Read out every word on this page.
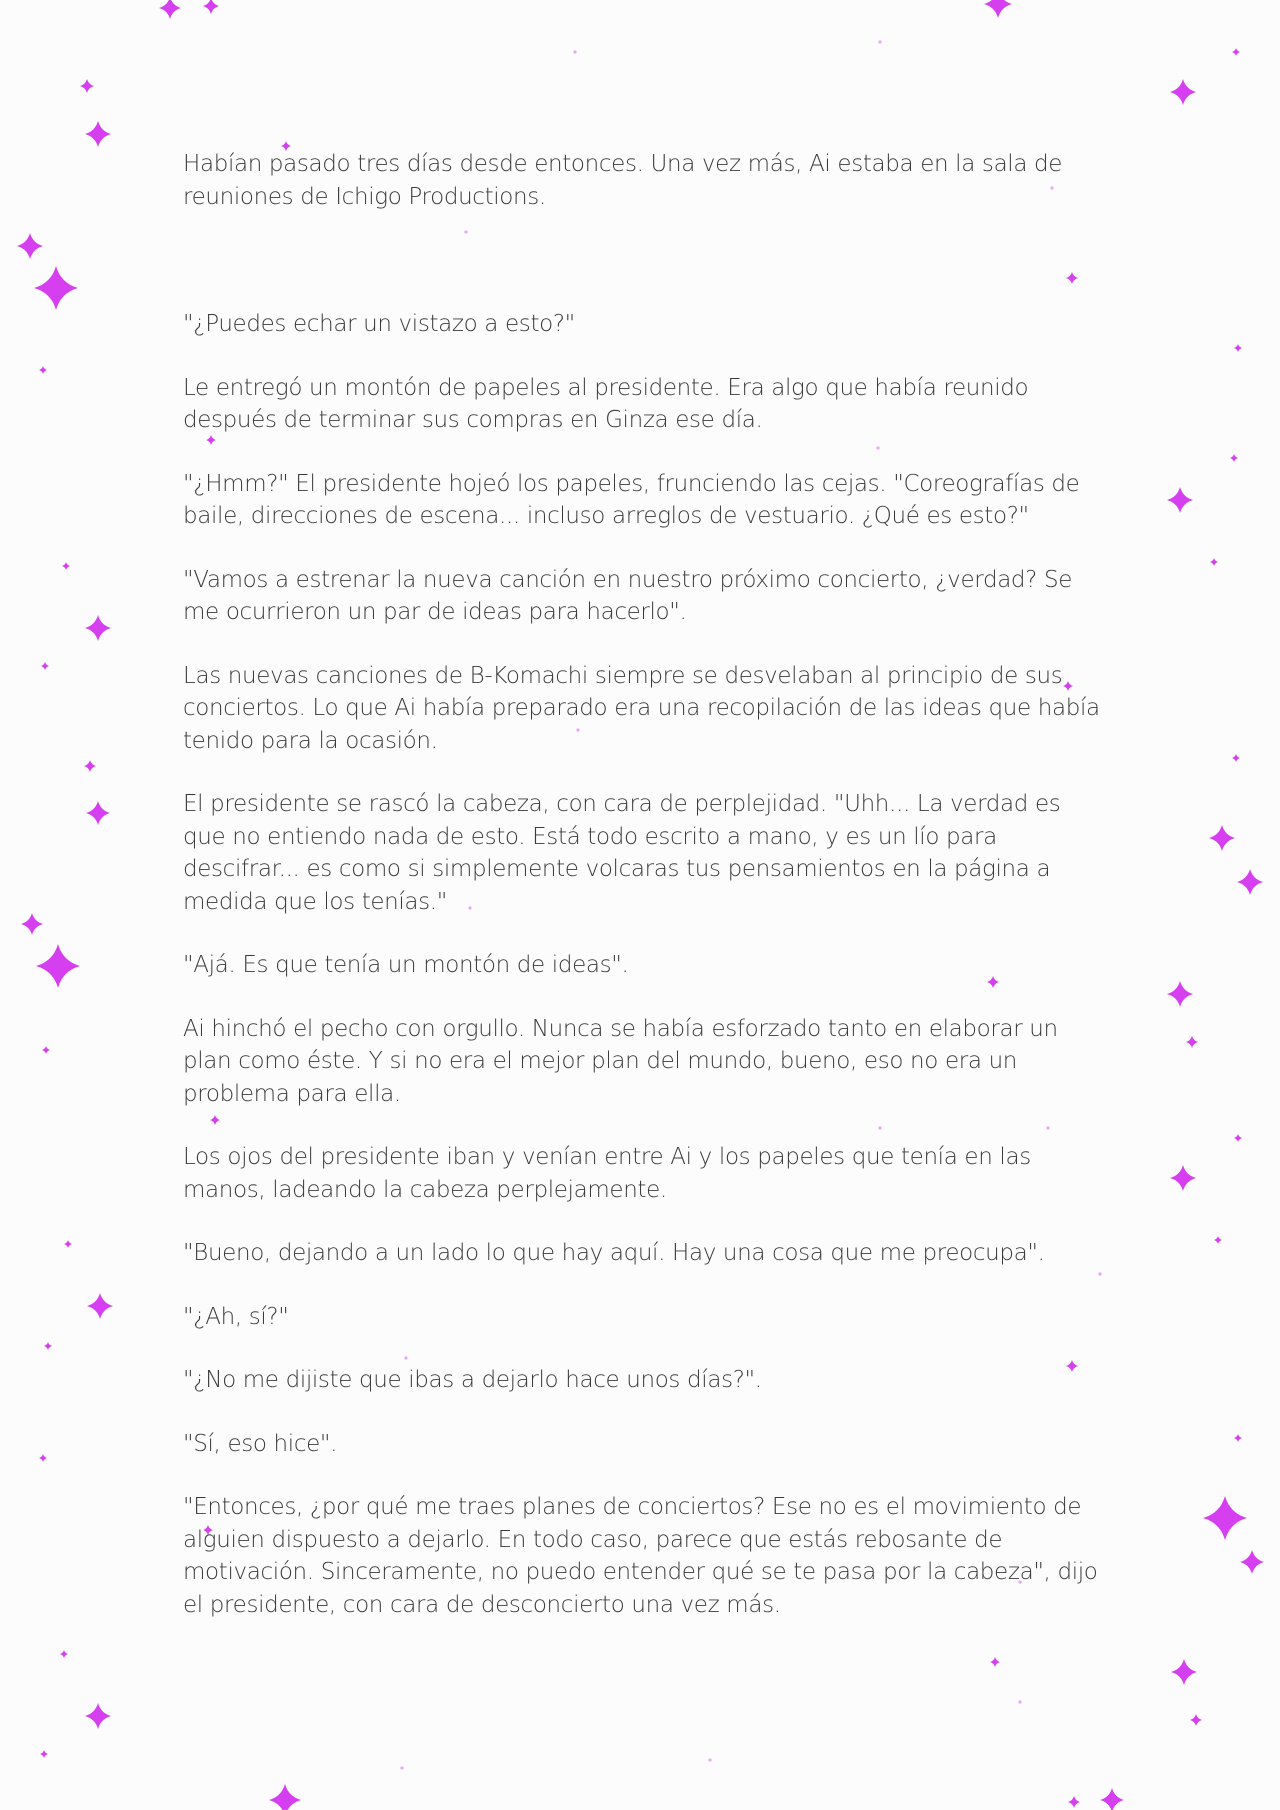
Habían pasado tres días desde entonces. Una vez más, Ai estaba en la sala de reuniones de Ichigo Productions.

"¿Puedes echar un vistazo a esto?"

Le entregó un montón de papeles al presidente. Era algo que había reunido después de terminar sus compras en Ginza ese día.

"¿Hmm?" El presidente hojeó los papeles, frunciendo las cejas. "Coreografías de baile, direcciones de escena... incluso arreglos de vestuario. ¿Qué es esto?"

"Vamos a estrenar la nueva canción en nuestro próximo concierto, ¿verdad? Se me ocurrieron un par de ideas para hacerlo".

Las nuevas canciones de B-Komachi siempre se desvelaban al principio de sus conciertos. Lo que Ai había preparado era una recopilación de las ideas que había tenido para la ocasión.

El presidente se rascó la cabeza, con cara de perplejidad. "Uhh... La verdad es que no entiendo nada de esto. Está todo escrito a mano, y es un lío para descifrar... es como si simplemente volcaras tus pensamientos en la página a medida que los tenías."

"Ajá. Es que tenía un montón de ideas".

Ai hinchó el pecho con orgullo. Nunca se había esforzado tanto en elaborar un plan como éste. Y si no era el mejor plan del mundo, bueno, eso no era un problema para ella.

Los ojos del presidente iban y venían entre Ai y los papeles que tenía en las manos, ladeando la cabeza perplejamente.

"Bueno, dejando a un lado lo que hay aquí. Hay una cosa que me preocupa".

"¿Ah, sí?"

"¿No me dijiste que ibas a dejarlo hace unos días?".

"Sí, eso hice".

"Entonces, ¿por qué me traes planes de conciertos? Ese no es el movimiento de alguien dispuesto a dejarlo. En todo caso, parece que estás rebosante de motivación. Sinceramente, no puedo entender qué se te pasa por la cabeza", dijo el presidente, con cara de desconcierto una vez más.
